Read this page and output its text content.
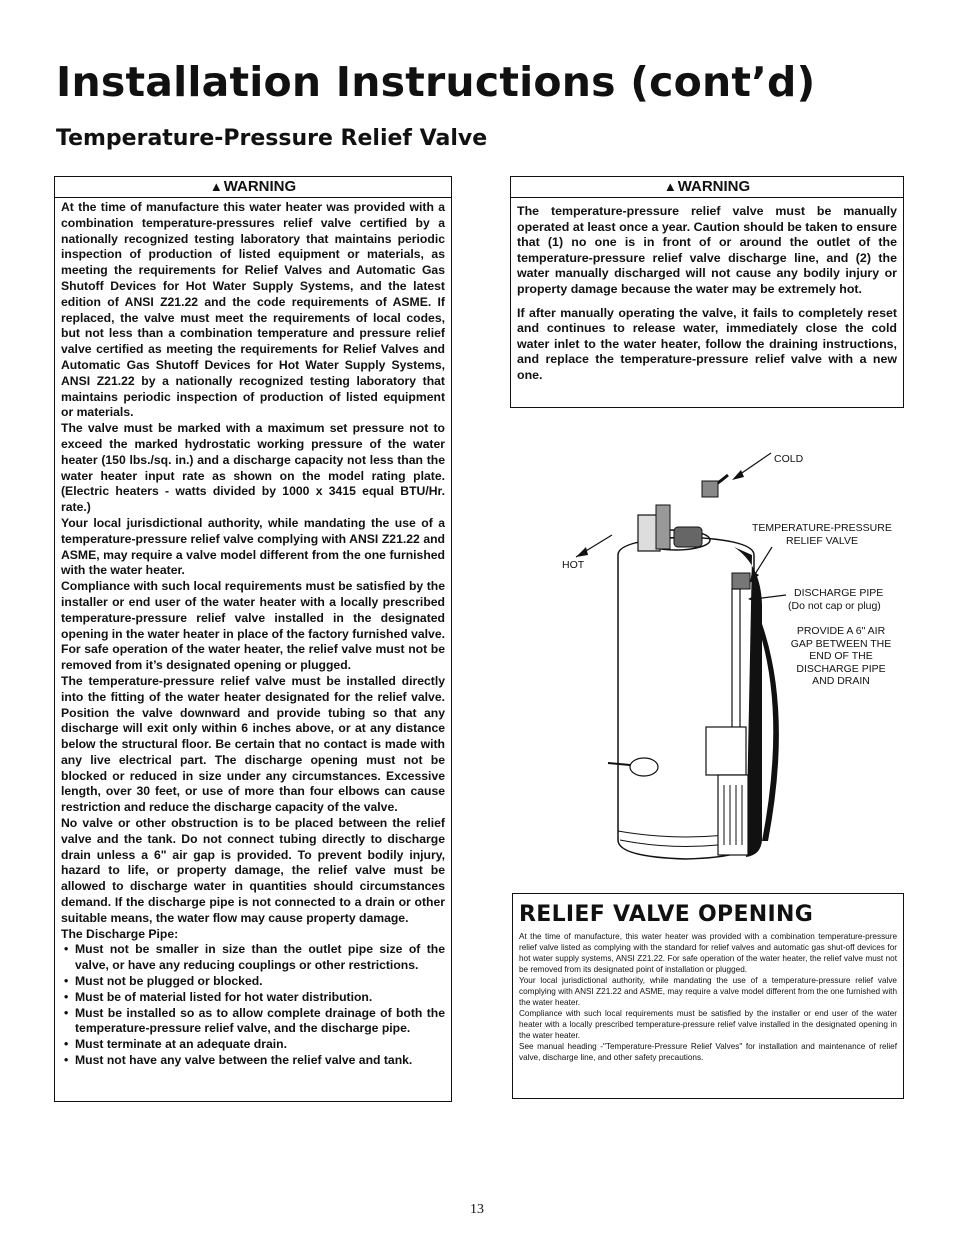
Installation Instructions (cont’d)
Temperature-Pressure Relief Valve
▲WARNING

At the time of manufacture this water heater was provided with a combination temperature-pressures relief valve certified by a nationally recognized testing laboratory that maintains periodic inspection of production of listed equipment or materials, as meeting the requirements for Relief Valves and Automatic Gas Shutoff Devices for Hot Water Supply Systems, and the latest edition of ANSI Z21.22 and the code requirements of ASME. If replaced, the valve must meet the requirements of local codes, but not less than a combination temperature and pressure relief valve certified as meeting the requirements for Relief Valves and Automatic Gas Shutoff Devices for Hot Water Supply Systems, ANSI Z21.22 by a nationally recognized testing laboratory that maintains periodic inspection of production of listed equipment or materials.

The valve must be marked with a maximum set pressure not to exceed the marked hydrostatic working pressure of the water heater (150 lbs./sq. in.) and a discharge capacity not less than the water heater input rate as shown on the model rating plate. (Electric heaters - watts divided by 1000 x 3415 equal BTU/Hr. rate.)

Your local jurisdictional authority, while mandating the use of a temperature-pressure relief valve complying with ANSI Z21.22 and ASME, may require a valve model different from the one furnished with the water heater.

Compliance with such local requirements must be satisfied by the installer or end user of the water heater with a locally prescribed temperature-pressure relief valve installed in the designated opening in the water heater in place of the factory furnished valve.

For safe operation of the water heater, the relief valve must not be removed from it’s designated opening or plugged.

The temperature-pressure relief valve must be installed directly into the fitting of the water heater designated for the relief valve. Position the valve downward and provide tubing so that any discharge will exit only within 6 inches above, or at any distance below the structural floor. Be certain that no contact is made with any live electrical part. The discharge opening must not be blocked or reduced in size under any circumstances. Excessive length, over 30 feet, or use of more than four elbows can cause restriction and reduce the discharge capacity of the valve.

No valve or other obstruction is to be placed between the relief valve and the tank. Do not connect tubing directly to discharge drain unless a 6" air gap is provided. To prevent bodily injury, hazard to life, or property damage, the relief valve must be allowed to discharge water in quantities should circumstances demand. If the discharge pipe is not connected to a drain or other suitable means, the water flow may cause property damage.

The Discharge Pipe:

• Must not be smaller in size than the outlet pipe size of the valve, or have any reducing couplings or other restrictions.
• Must not be plugged or blocked.
• Must be of material listed for hot water distribution.
• Must be installed so as to allow complete drainage of both the temperature-pressure relief valve, and the discharge pipe.
• Must terminate at an adequate drain.
• Must not have any valve between the relief valve and tank.
▲WARNING

The temperature-pressure relief valve must be manually operated at least once a year. Caution should be taken to ensure that (1) no one is in front of or around the outlet of the temperature-pressure relief valve discharge line, and (2) the water manually discharged will not cause any bodily injury or property damage because the water may be extremely hot.

If after manually operating the valve, it fails to completely reset and continues to release water, immediately close the cold water inlet to the water heater, follow the draining instructions, and replace the temperature-pressure relief valve with a new one.

COLD
HOT
TEMPERATURE-PRESSURE
RELIEF VALVE
DISCHARGE PIPE
(Do not cap or plug)
PROVIDE A 6" AIR
GAP BETWEEN THE
END OF THE
DISCHARGE PIPE
AND DRAIN
RELIEF VALVE OPENING

At the time of manufacture, this water heater was provided with a combination temperature-pressure relief valve listed as complying with the standard for relief valves and automatic gas shut-off devices for hot water supply systems, ANSI Z21.22. For safe operation of the water heater, the relief valve must not be removed from its designated point of installation or plugged.

Your local jurisdictional authority, while mandating the use of a temperature-pressure relief valve complying with ANSI Z21.22 and ASME, may require a valve model different from the one furnished with the water heater.

Compliance with such local requirements must be satisfied by the installer or end user of the water heater with a locally prescribed temperature-pressure relief valve installed in the designated opening in the water heater.

See manual heading -"Temperature-Pressure Relief Valves" for installation and maintenance of relief valve, discharge line, and other safety precautions.

13
